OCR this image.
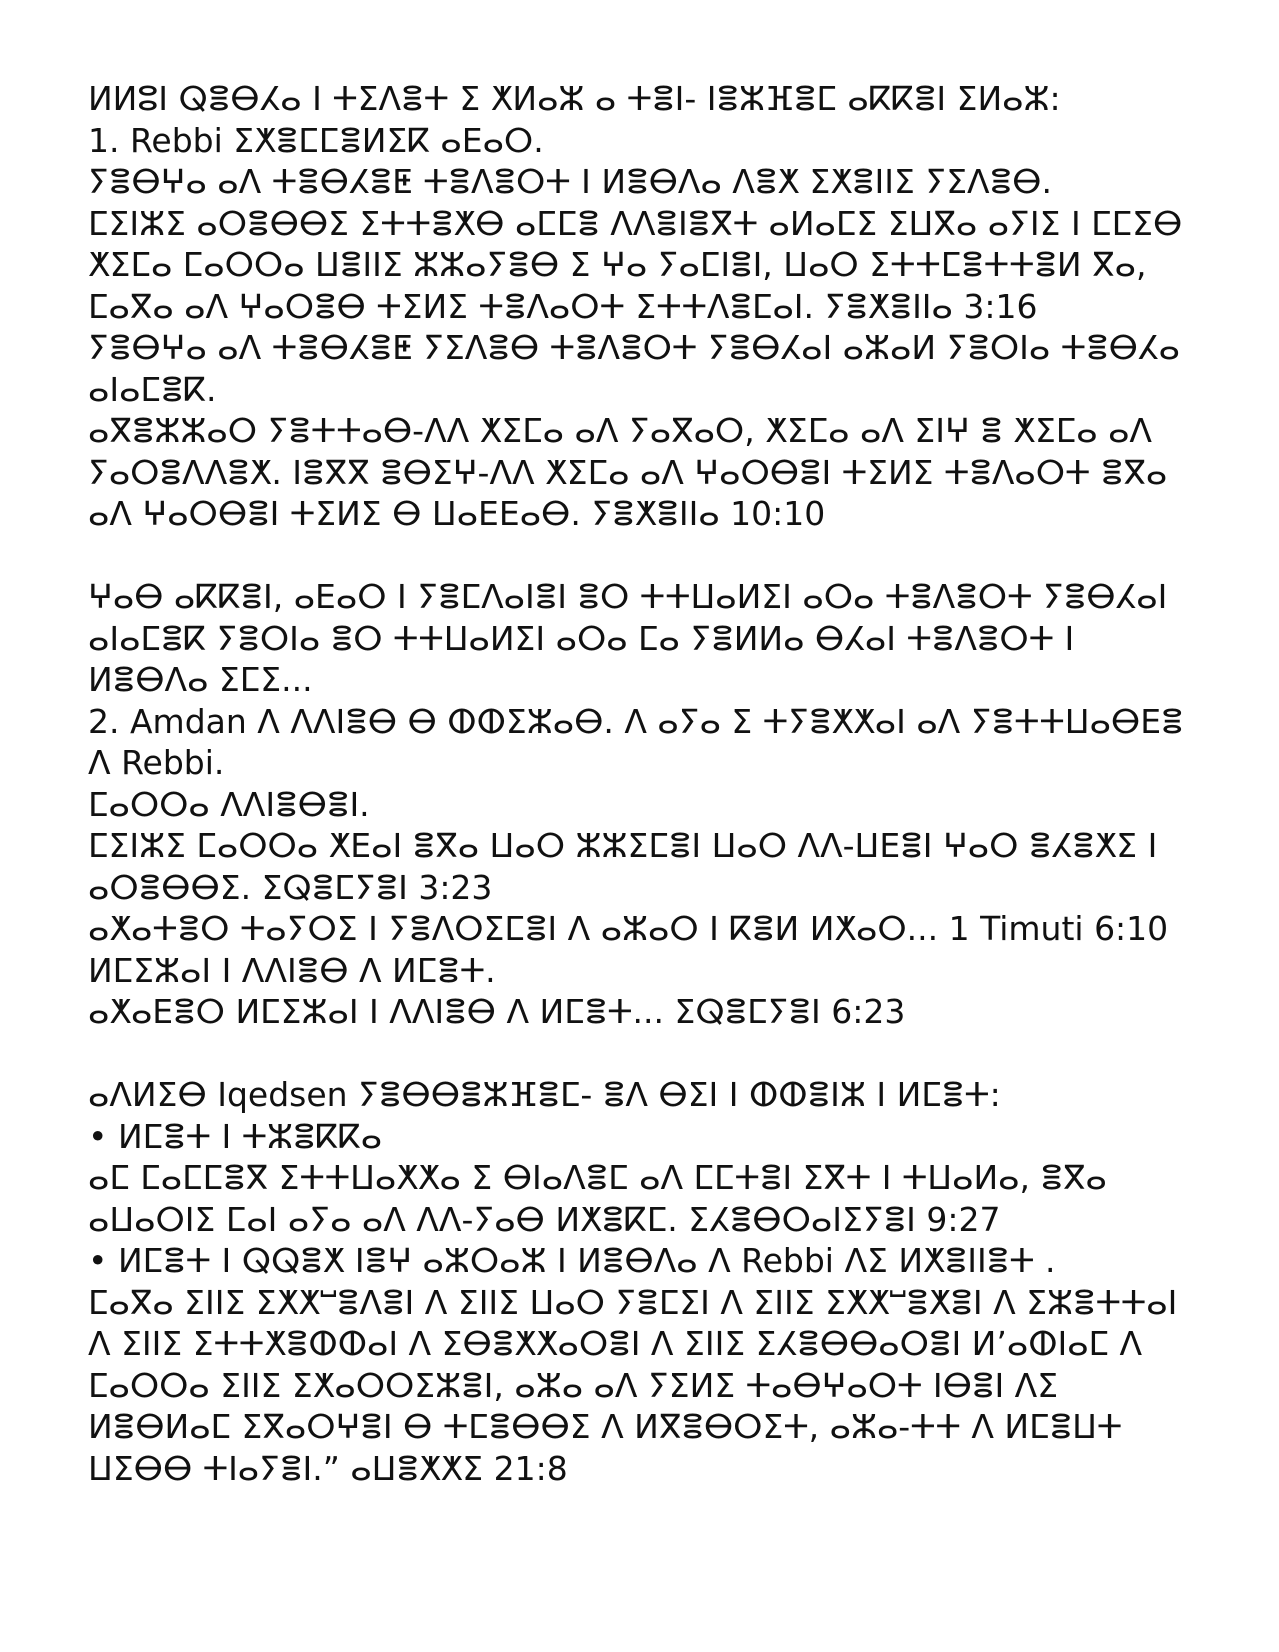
ⵍⵍⵓⵏ ⵕⴻⴱⵃⴰ ⵏ ⵜⵉⴷⴻⵜ ⵉ ⵅⵍⴰⵣ ⴰ ⵜⴻⵏ- ⵏⴻⵣⴼⴻⵎ ⴰⴽⴽⴻⵏ ⵉⵍⴰⵣ:
1. Rebbi ⵉⵅⴻⵎⵎⴻⵍⵉⴽ ⴰⴹⴰⵔ.
ⵢⴻⴱⵖⴰ ⴰⴷ ⵜⴻⴱⵃⴻⵟ ⵜⴻⴷⴻⵔⵜ ⵏ ⵍⴻⴱⴷⴰ ⴷⴻⵅ ⵉⵅⴻⵏⵏⵉ ⵢⵉⴷⴻⴱ.
ⵎⵉⵏⵣⵉ ⴰⵔⴻⴱⴱⵉ ⵉⵜⵜⴻⵅⴱ ⴰⵎⵎⴻ ⴷⴷⴻⵏⴻⴳⵜ ⴰⵍⴰⵎⵉ ⵉⵡⴳⴰ ⴰⵢⵏⵉ ⵏ ⵎⵎⵉⴱ
ⵅⵉⵎⴰ ⵎⴰⵔⵔⴰ ⵡⴻⵏⵏⵉ ⵣⵣⴰⵢⴻⴱ ⵉ ⵖⴰ ⵢⴰⵎⵏⴻⵏ, ⵡⴰⵔ ⵉⵜⵜⵎⴻⵜⵜⴻⵍ ⴳⴰ,
ⵎⴰⴳⴰ ⴰⴷ ⵖⴰⵔⴻⴱ ⵜⵉⵍⵉ ⵜⴻⴷⴰⵔⵜ ⵉⵜⵜⴷⴻⵎⴰⵏ. ⵢⴻⵅⴻⵏⵏⴰ 3:16
ⵢⴻⴱⵖⴰ ⴰⴷ ⵜⴻⴱⵃⴻⵟ ⵢⵉⴷⴻⴱ ⵜⴻⴷⴻⵔⵜ ⵢⴻⴱⵃⴰⵏ ⴰⵣⴰⵍ ⵢⴻⵔⵏⴰ ⵜⴻⴱⵃⴰ
ⴰⵏⴰⵎⴻⴽ.
ⴰⴳⴻⵣⵣⴰⵔ ⵢⴻⵜⵜⴰⴱ-ⴷⴷ ⵅⵉⵎⴰ ⴰⴷ ⵢⴰⴳⴰⵔ, ⵅⵉⵎⴰ ⴰⴷ ⵉⵏⵖ ⴻ ⵅⵉⵎⴰ ⴰⴷ
ⵢⴰⵔⴻⴷⴷⴻⵅ. ⵏⴻⴳⴳ ⴻⴱⵉⵖ-ⴷⴷ ⵅⵉⵎⴰ ⴰⴷ ⵖⴰⵔⴱⴻⵏ ⵜⵉⵍⵉ ⵜⴻⴷⴰⵔⵜ ⴻⴳⴰ
ⴰⴷ ⵖⴰⵔⴱⴻⵏ ⵜⵉⵍⵉ ⴱ ⵡⴰⴹⴹⴰⴱ. ⵢⴻⵅⴻⵏⵏⴰ 10:10
ⵖⴰⴱ ⴰⴽⴽⴻⵏ, ⴰⴹⴰⵔ ⵏ ⵢⴻⵎⴷⴰⵏⴻⵏ ⴻⵔ ⵜⵜⵡⴰⵍⵉⵏ ⴰⵔⴰ ⵜⴻⴷⴻⵔⵜ ⵢⴻⴱⵃⴰⵏ
ⴰⵏⴰⵎⴻⴽ ⵢⴻⵔⵏⴰ ⴻⵔ ⵜⵜⵡⴰⵍⵉⵏ ⴰⵔⴰ ⵎⴰ ⵢⴻⵍⵍⴰ ⴱⵃⴰⵏ ⵜⴻⴷⴻⵔⵜ ⵏ
ⵍⴻⴱⴷⴰ ⵉⵎⵉ...
2. Amdan ⴷ ⴷⴷⵏⴻⴱ ⴱ ⵀⵀⵉⵣⴰⴱ. ⴷ ⴰⵢⴰ ⵉ ⵜⵢⴻⵅⵅⴰⵏ ⴰⴷ ⵢⴻⵜⵜⵡⴰⴱⴹⴻ
ⴷ Rebbi.
ⵎⴰⵔⵔⴰ ⴷⴷⵏⴻⴱⴻⵏ.
ⵎⵉⵏⵣⵉ ⵎⴰⵔⵔⴰ ⵅⴹⴰⵏ ⴻⴳⴰ ⵡⴰⵔ ⵣⵣⵉⵎⴻⵏ ⵡⴰⵔ ⴷⴷ-ⵡⴹⴻⵏ ⵖⴰⵔ ⴻⵃⴻⵅⵉ ⵏ
ⴰⵔⴻⴱⴱⵉ. ⵉⵕⴻⵎⵢⴻⵏ 3:23
ⴰⵅⴰⵜⴻⵔ ⵜⴰⵢⵔⵉ ⵏ ⵢⴻⴷⵔⵉⵎⴻⵏ ⴷ ⴰⵣⴰⵔ ⵏ ⴽⴻⵍ ⵍⵅⴰⵔ... 1 Timuti 6:10
ⵍⵎⵉⵣⴰⵏ ⵏ ⴷⴷⵏⴻⴱ ⴷ ⵍⵎⴻⵜ.
ⴰⵅⴰⴹⴻⵔ ⵍⵎⵉⵣⴰⵏ ⵏ ⴷⴷⵏⴻⴱ ⴷ ⵍⵎⴻⵜ... ⵉⵕⴻⵎⵢⴻⵏ 6:23
ⴰⴷⵍⵉⴱ Iqedsen ⵢⴻⴱⴱⴻⵣⴼⴻⵎ- ⴻⴷ ⴱⵉⵏ ⵏ ⵀⵀⴻⵏⵣ ⵏ ⵍⵎⴻⵜ:
• ⵍⵎⴻⵜ ⵏ ⵜⵣⴻⴽⴽⴰ
ⴰⵎ ⵎⴰⵎⵎⴻⴳ ⵉⵜⵜⵡⴰⵅⵅⴰ ⵉ ⴱⵏⴰⴷⴻⵎ ⴰⴷ ⵎⵎⵜⴻⵏ ⵉⴳⵜ ⵏ ⵜⵡⴰⵍⴰ, ⴻⴳⴰ
ⴰⵡⴰⵔⵏⵉ ⵎⴰⵏ ⴰⵢⴰ ⴰⴷ ⴷⴷ-ⵢⴰⴱ ⵍⵅⴻⴽⵎ. ⵉⵃⴻⴱⵔⴰⵏⵉⵢⴻⵏ 9:27
• ⵍⵎⴻⵜ ⵏ ⵕⵕⴻⵅ ⵏⴻⵖ ⴰⵣⵔⴰⵣ ⵏ ⵍⴻⴱⴷⴰ ⴷ Rebbi ⴷⵉ ⵍⵅⴻⵏⵏⴻⵜ .
ⵎⴰⴳⴰ ⵉⵏⵏⵉ ⵉⵅⵅⵯⴻⴷⴻⵏ ⴷ ⵉⵏⵏⵉ ⵡⴰⵔ ⵢⴻⵎⵉⵏ ⴷ ⵉⵏⵏⵉ ⵉⵅⵅⵯⴻⵅⴻⵏ ⴷ ⵉⵣⴻⵜⵜⴰⵏ
ⴷ ⵉⵏⵏⵉ ⵉⵜⵜⵅⴻⵀⵀⴰⵏ ⴷ ⵉⴱⴻⵅⵅⴰⵔⴻⵏ ⴷ ⵉⵏⵏⵉ ⵉⵃⴻⴱⴱⴰⵔⴻⵏ ⵍ’ⴰⵀⵏⴰⵎ ⴷ
ⵎⴰⵔⵔⴰ ⵉⵏⵏⵉ ⵉⵅⴰⵔⵔⵉⵣⴻⵏ, ⴰⵣⴰ ⴰⴷ ⵢⵉⵍⵉ ⵜⴰⴱⵖⴰⵔⵜ ⵏⴱⴻⵏ ⴷⵉ
ⵍⴻⴱⵍⴰⵎ ⵉⴳⴰⵔⵖⴻⵏ ⴱ ⵜⵎⴻⴱⴱⵉ ⴷ ⵍⴳⴻⴱⵔⵉⵜ, ⴰⵣⴰ-ⵜⵜ ⴷ ⵍⵎⴻⵡⵜ
ⵡⵉⴱⴱ ⵜⵏⴰⵢⴻⵏ.” ⴰⵡⴻⵅⵅⵉ 21:8
